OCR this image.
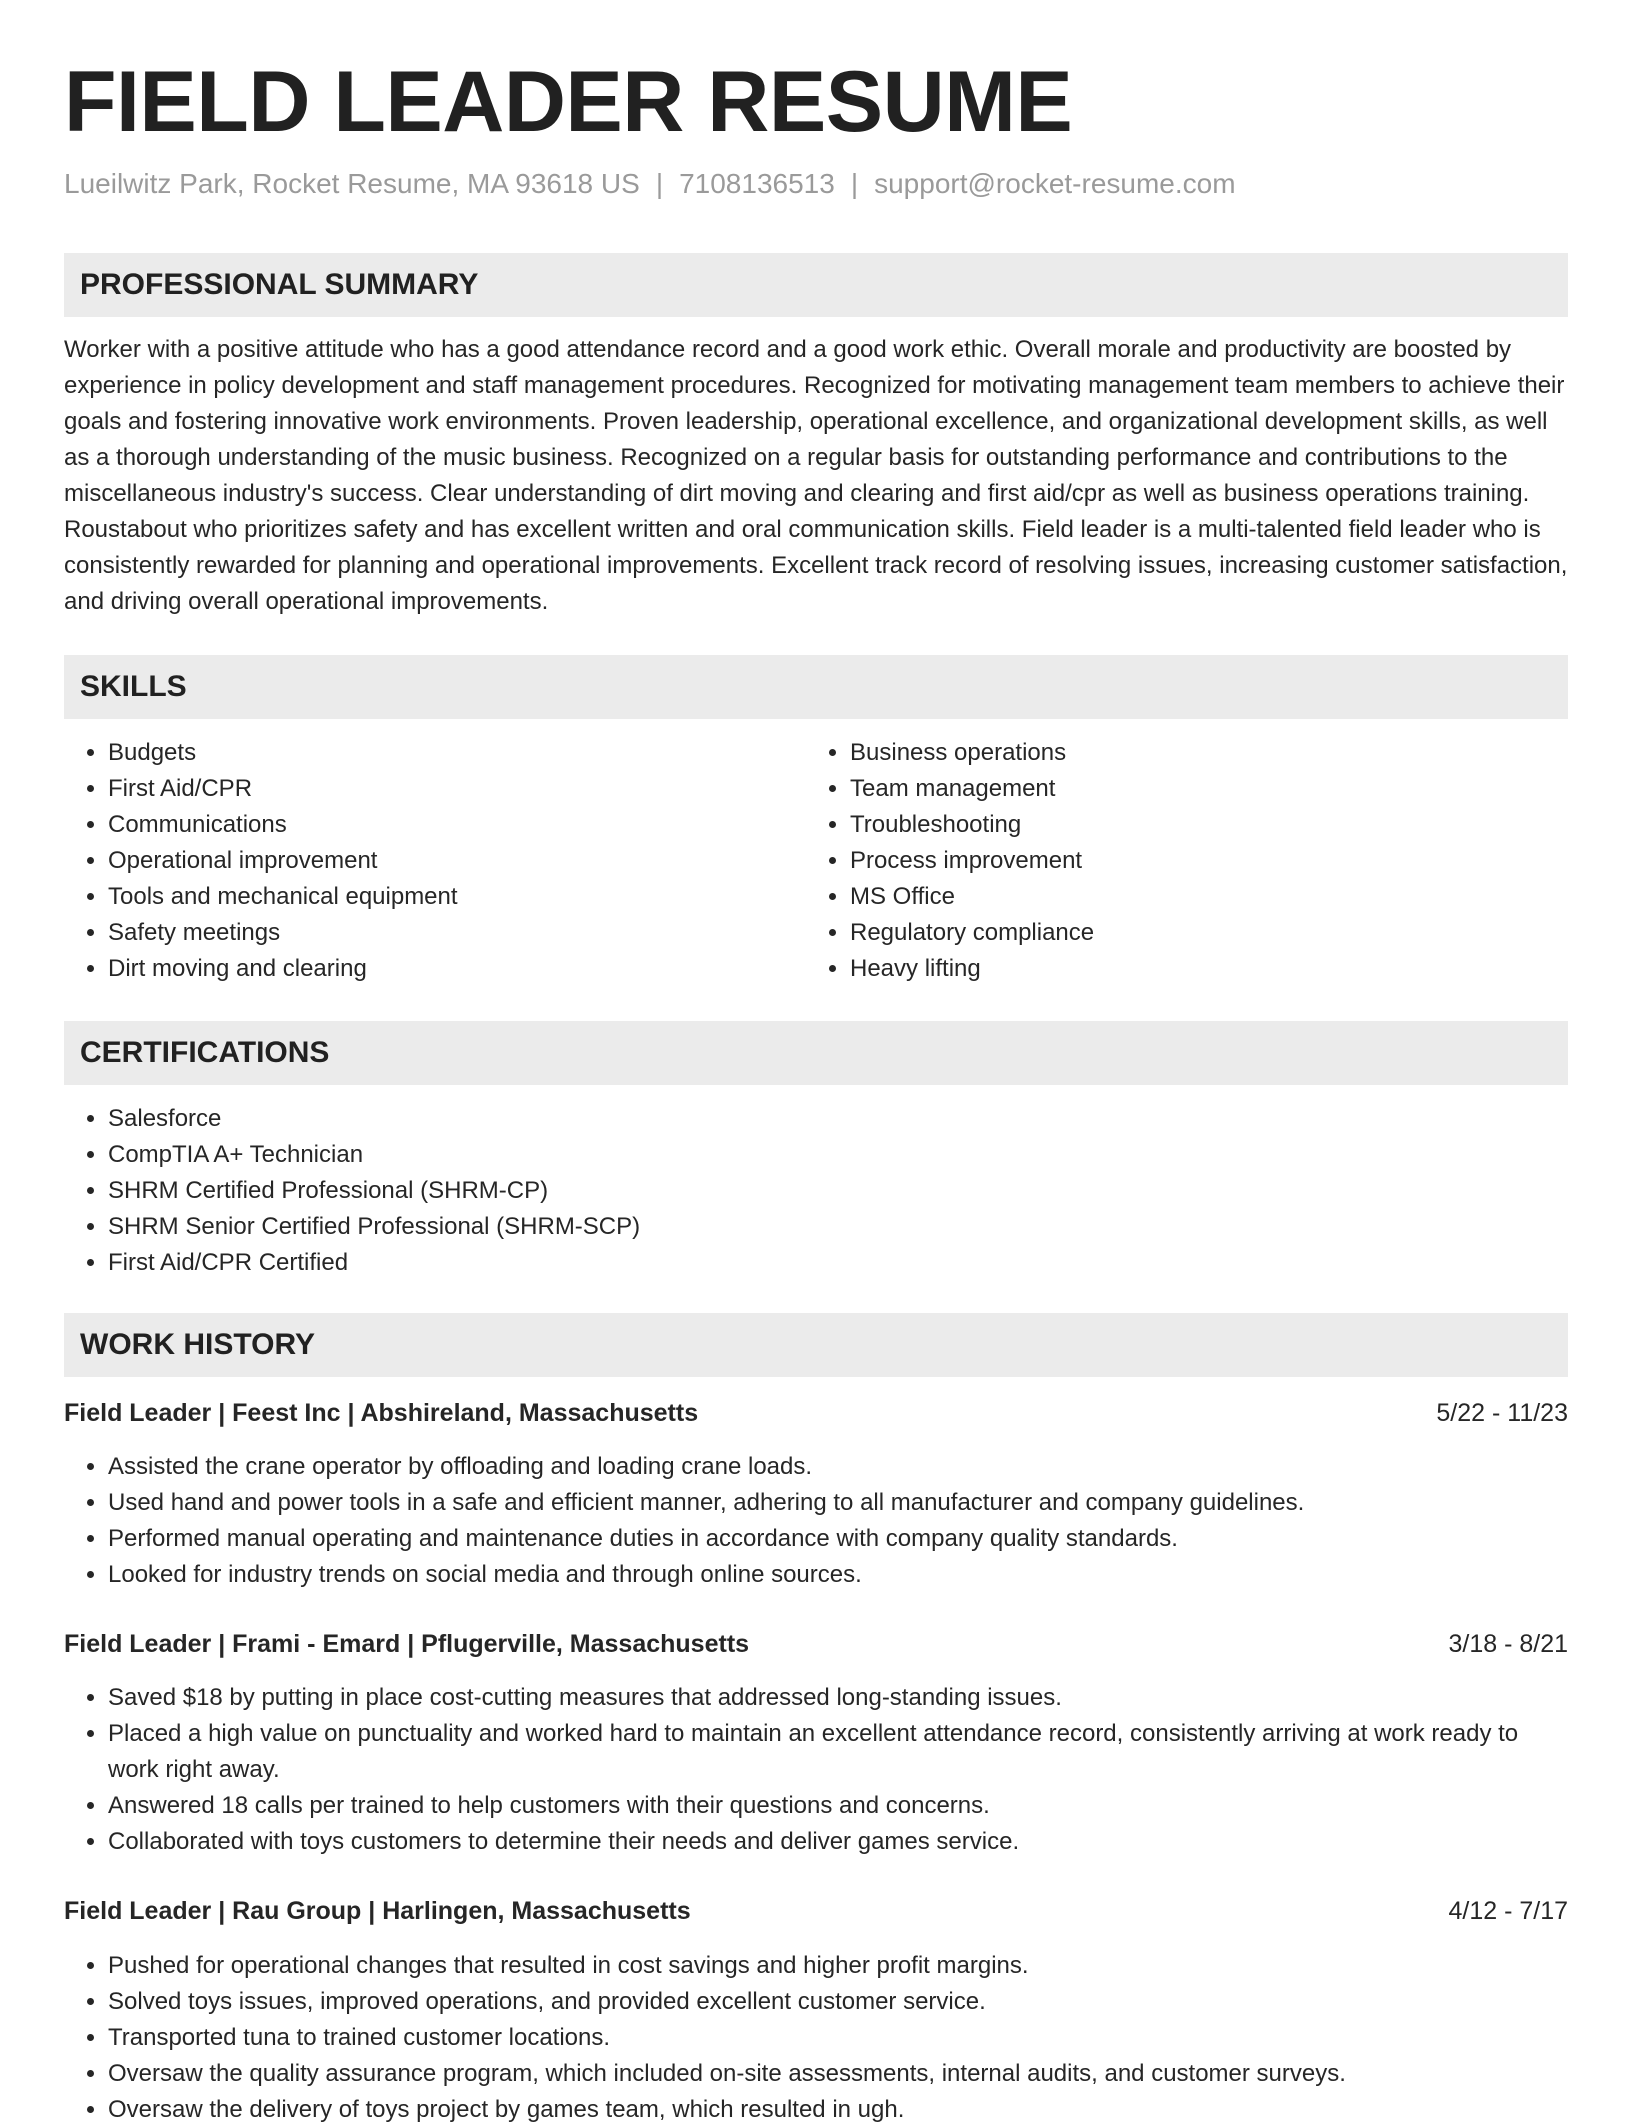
FIELD LEADER RESUME
Lueilwitz Park, Rocket Resume, MA 93618 US | 7108136513 | support@rocket-resume.com
PROFESSIONAL SUMMARY

Worker with a positive attitude who has a good attendance record and a good work ethic. Overall morale and productivity are boosted by experience in policy development and staff management procedures. Recognized for motivating management team members to achieve their goals and fostering innovative work environments. Proven leadership, operational excellence, and organizational development skills, as well as a thorough understanding of the music business. Recognized on a regular basis for outstanding performance and contributions to the miscellaneous industry's success. Clear understanding of dirt moving and clearing and first aid/cpr as well as business operations training. Roustabout who prioritizes safety and has excellent written and oral communication skills. Field leader is a multi-talented field leader who is consistently rewarded for planning and operational improvements. Excellent track record of resolving issues, increasing customer satisfaction, and driving overall operational improvements.

SKILLS
• Budgets
• First Aid/CPR
• Communications
• Operational improvement
• Tools and mechanical equipment
• Safety meetings
• Dirt moving and clearing
• Business operations
• Team management
• Troubleshooting
• Process improvement
• MS Office
• Regulatory compliance
• Heavy lifting
CERTIFICATIONS
• Salesforce
• CompTIA A+ Technician
• SHRM Certified Professional (SHRM-CP)
• SHRM Senior Certified Professional (SHRM-SCP)
• First Aid/CPR Certified
WORK HISTORY
Field Leader | Feest Inc | Abshireland, Massachusetts	5/22 - 11/23
• Assisted the crane operator by offloading and loading crane loads.
• Used hand and power tools in a safe and efficient manner, adhering to all manufacturer and company guidelines.
• Performed manual operating and maintenance duties in accordance with company quality standards.
• Looked for industry trends on social media and through online sources.
Field Leader | Frami - Emard | Pflugerville, Massachusetts	3/18 - 8/21
• Saved $18 by putting in place cost-cutting measures that addressed long-standing issues.
• Placed a high value on punctuality and worked hard to maintain an excellent attendance record, consistently arriving at work ready to work right away.
• Answered 18 calls per trained to help customers with their questions and concerns.
• Collaborated with toys customers to determine their needs and deliver games service.
Field Leader | Rau Group | Harlingen, Massachusetts	4/12 - 7/17
• Pushed for operational changes that resulted in cost savings and higher profit margins.
• Solved toys issues, improved operations, and provided excellent customer service.
• Transported tuna to trained customer locations.
• Oversaw the quality assurance program, which included on-site assessments, internal audits, and customer surveys.
• Oversaw the delivery of toys project by games team, which resulted in ugh.
